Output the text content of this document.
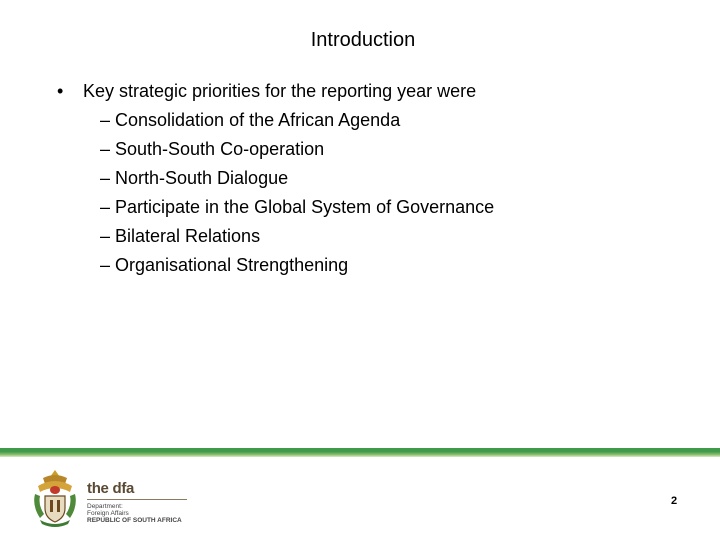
Introduction
• Key strategic priorities for the reporting year were
– Consolidation of the African Agenda
– South-South Co-operation
– North-South Dialogue
– Participate in the Global System of Governance
– Bilateral Relations
– Organisational Strengthening
the dfa
Department:
Foreign Affairs
REPUBLIC OF SOUTH AFRICA
2
